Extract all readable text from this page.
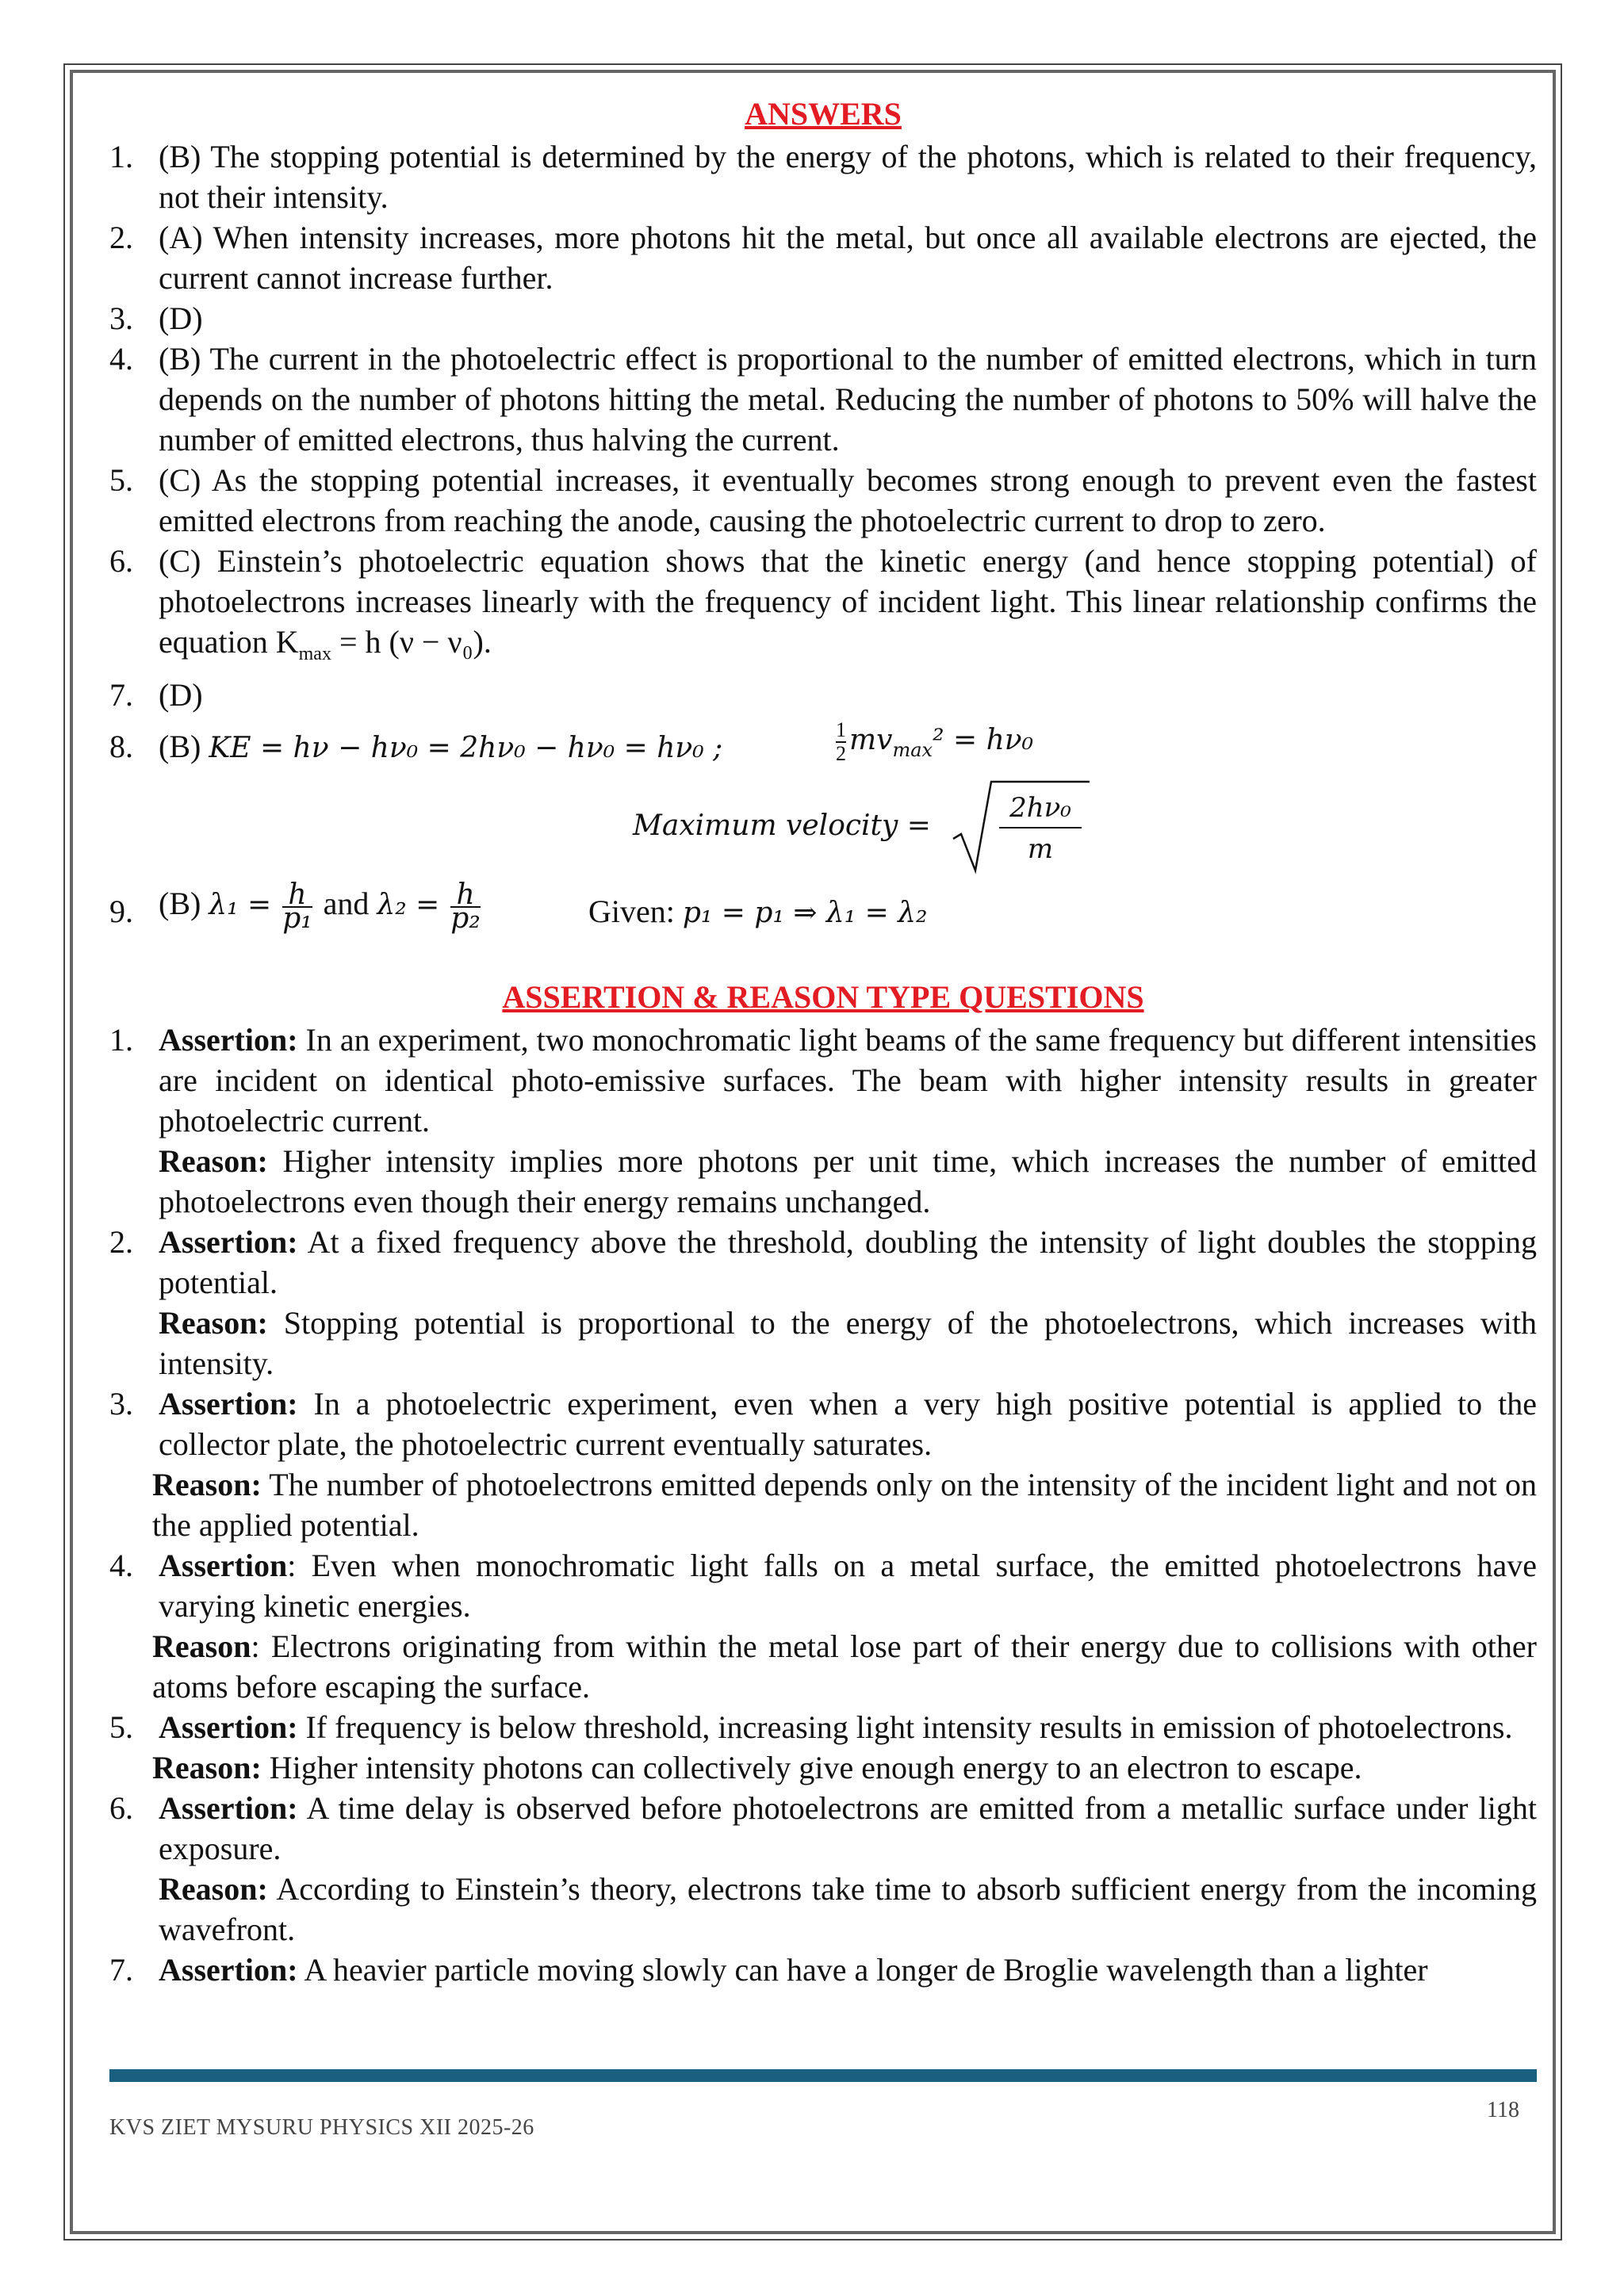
ANSWERS
1. (B) The stopping potential is determined by the energy of the photons, which is related to their frequency, not their intensity.
2. (A) When intensity increases, more photons hit the metal, but once all available electrons are ejected, the current cannot increase further.
3. (D)
4. (B) The current in the photoelectric effect is proportional to the number of emitted electrons, which in turn depends on the number of photons hitting the metal. Reducing the number of photons to 50% will halve the number of emitted electrons, thus halving the current.
5. (C) As the stopping potential increases, it eventually becomes strong enough to prevent even the fastest emitted electrons from reaching the anode, causing the photoelectric current to drop to zero.
6. (C) Einstein’s photoelectric equation shows that the kinetic energy (and hence stopping potential) of photoelectrons increases linearly with the frequency of incident light. This linear relationship confirms the equation $K_{max} = h$ (ν − ν₀).
7. (D)
8. (B) KE = hν − hν₀ = 2hν₀ − hν₀ = hν₀ ;	$\frac{1}{2} mv_{max}^2 = h\nu_0$
Maximum velocity =
2hν₀
m
9. (B) $\lambda_1 = \frac{h}{\text{p₁}}$ and $\lambda_2 = \frac{h}{\text{p₂}}$	Given: p₁ = p₁ ⇒ λ₁ = λ₂
ASSERTION & REASON TYPE QUESTIONS
1. Assertion: In an experiment, two monochromatic light beams of the same frequency but different intensities are incident on identical photo-emissive surfaces. The beam with higher intensity results in greater photoelectric current.
Reason: Higher intensity implies more photons per unit time, which increases the number of emitted photoelectrons even though their energy remains unchanged.
2. Assertion: At a fixed frequency above the threshold, doubling the intensity of light doubles the stopping potential.
Reason: Stopping potential is proportional to the energy of the photoelectrons, which increases with intensity.
3. Assertion: In a photoelectric experiment, even when a very high positive potential is applied to the collector plate, the photoelectric current eventually saturates.
Reason: The number of photoelectrons emitted depends only on the intensity of the incident light and not on the applied potential.
4. Assertion: Even when monochromatic light falls on a metal surface, the emitted photoelectrons have varying kinetic energies.
Reason: Electrons originating from within the metal lose part of their energy due to collisions with other atoms before escaping the surface.
5. Assertion: If frequency is below threshold, increasing light intensity results in emission of photoelectrons.
Reason: Higher intensity photons can collectively give enough energy to an electron to escape.
6. Assertion: A time delay is observed before photoelectrons are emitted from a metallic surface under light exposure.
Reason: According to Einstein’s theory, electrons take time to absorb sufficient energy from the incoming wavefront.
7. Assertion: A heavier particle moving slowly can have a longer de Broglie wavelength than a lighter
KVS ZIET MYSURU PHYSICS XII 2025-26
118
